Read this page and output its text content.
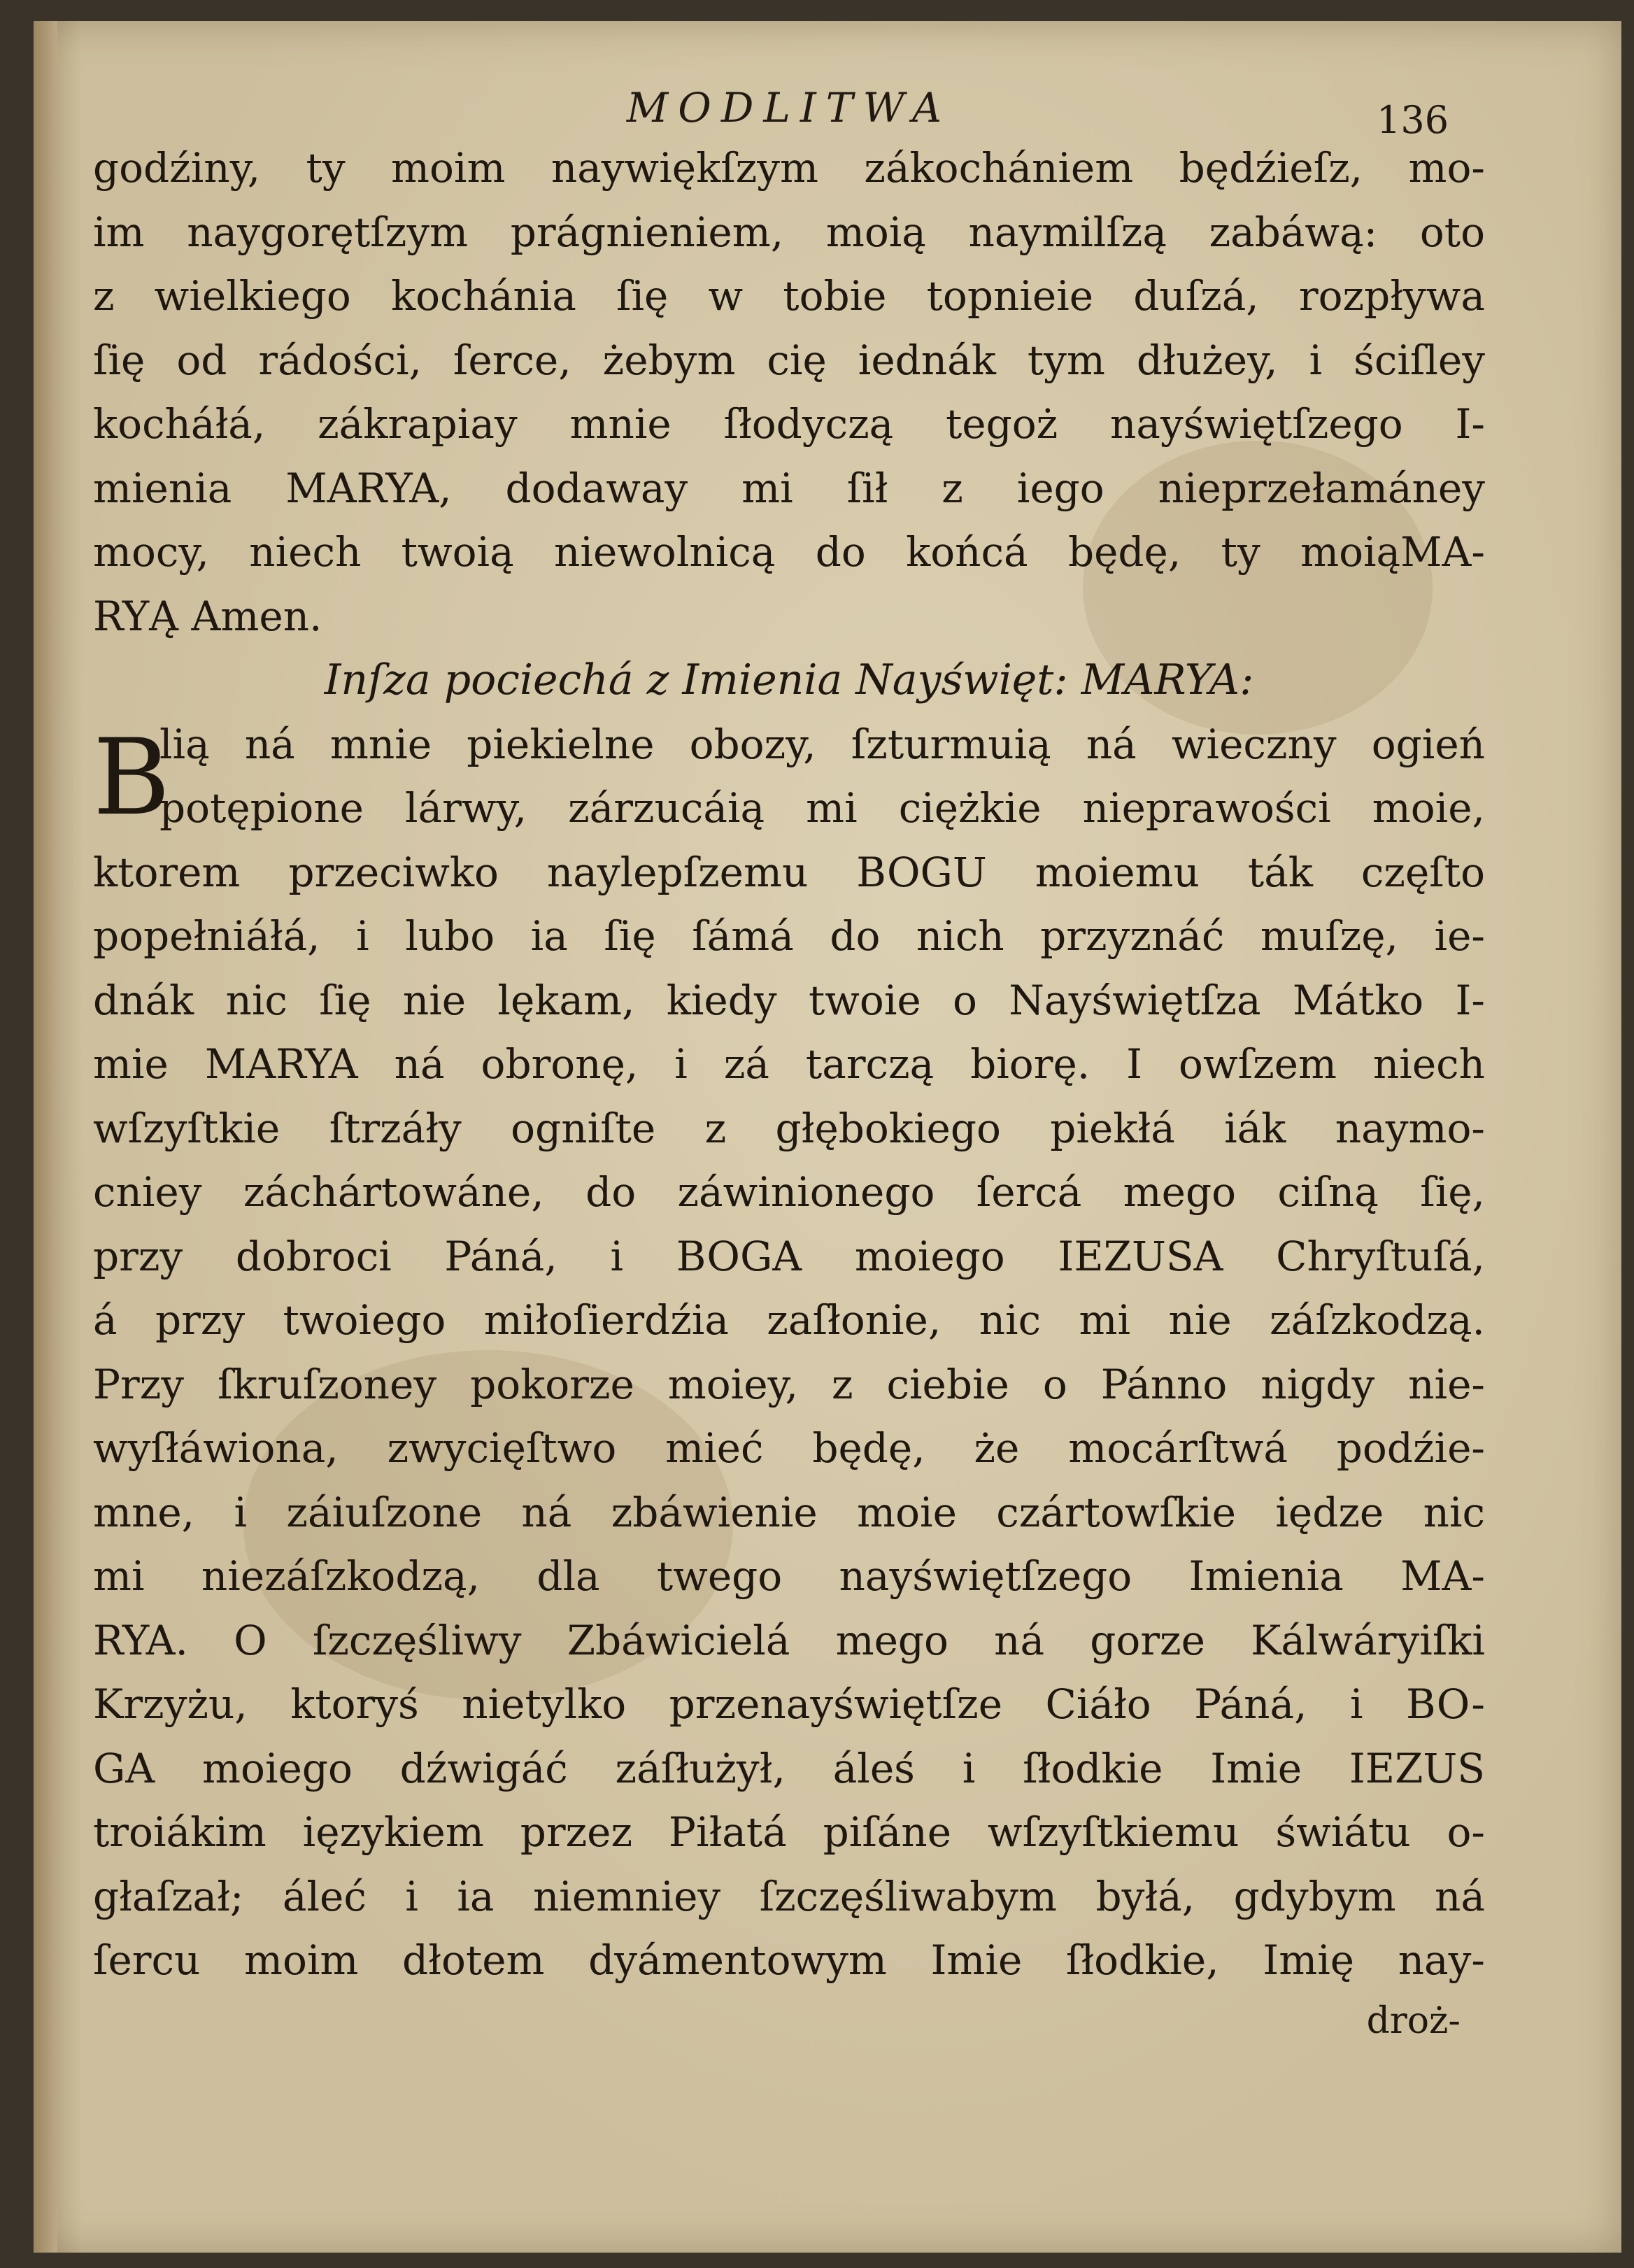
MODLITWA	136
godźiny, ty moim naywiękſzym zákochániem będźieſz, mo-
im naygorętſzym prágnieniem, moią naymilſzą zabáwą: oto
z wielkiego kochánia ſię w tobie topnieie duſzá, rozpływa
ſię od rádości, ſerce, żebym cię iednák tym dłużey, i ściſley
kocháłá, zákrapiay mnie ſłodyczą tegoż nayświętſzego I-
mienia MARYA, dodaway mi ſił z iego nieprzełamáney
mocy, niech twoią niewolnicą do końcá będę, ty moiąMA-
RYĄ Amen.
Inſza pociechá z Imienia Nayświęt: MARYA:
B
lią ná mnie piekielne obozy, ſzturmuią ná wieczny ogień
potępione lárwy, zárzucáią mi ciężkie nieprawości moie,
ktorem przeciwko naylepſzemu BOGU moiemu ták częſto
popełniáłá, i lubo ia ſię ſámá do nich przyznáć muſzę, ie-
dnák nic ſię nie lękam, kiedy twoie o Nayświętſza Mátko I-
mie MARYA ná obronę, i zá tarczą biorę. I owſzem niech
wſzyſtkie ſtrzáły ogniſte z głębokiego piekłá iák naymo-
cniey záchártowáne, do záwinionego ſercá mego ciſną ſię,
przy dobroci Páná, i BOGA moiego IEZUSA Chryſtuſá,
á przy twoiego miłoſierdźia zaſłonie, nic mi nie záſzkodzą.
Przy ſkruſzoney pokorze moiey, z ciebie o Pánno nigdy nie-
wyſłáwiona, zwycięſtwo mieć będę, że mocárſtwá podźie-
mne, i záiuſzone ná zbáwienie moie czártowſkie iędze nic
mi niezáſzkodzą, dla twego nayświętſzego Imienia MA-
RYA. O ſzczęśliwy Zbáwicielá mego ná gorze Kálwáryiſki
Krzyżu, ktoryś nietylko przenayświętſze Ciáło Páná, i BO-
GA moiego dźwigáć záſłużył, áleś i ſłodkie Imie IEZUS
troiákim ięzykiem przez Piłatá piſáne wſzyſtkiemu świátu o-
głaſzał; áleć i ia niemniey ſzczęśliwabym byłá, gdybym ná
ſercu moim dłotem dyámentowym Imie ſłodkie, Imię nay-
droż-
